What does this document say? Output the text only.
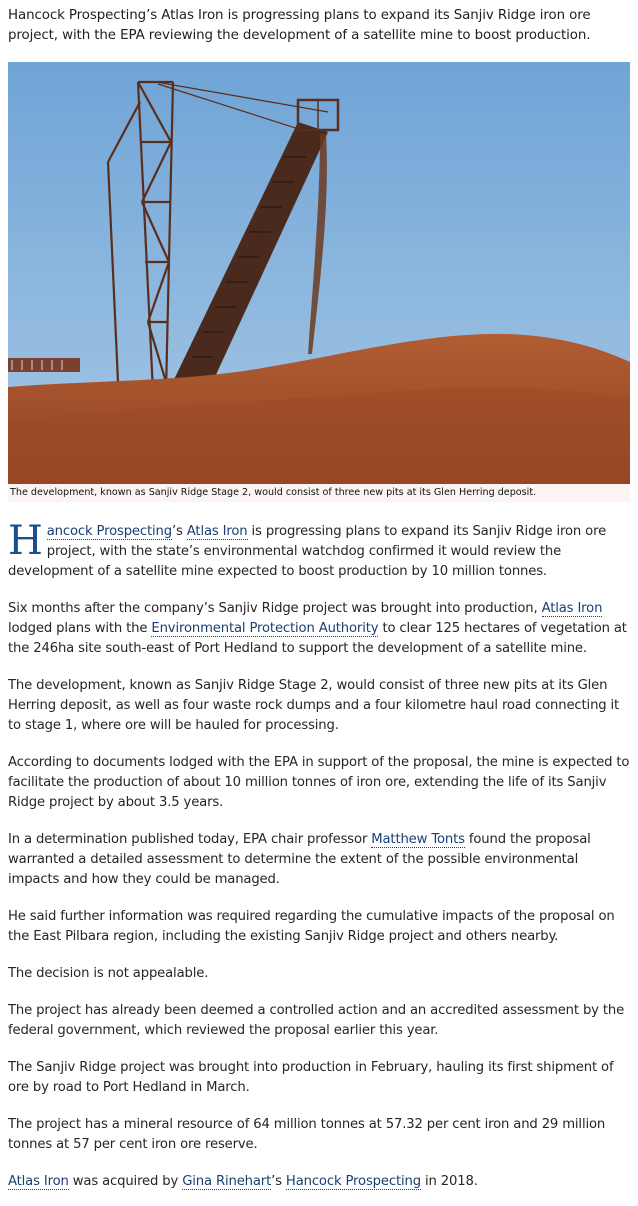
Hancock Prospecting’s Atlas Iron is progressing plans to expand its Sanjiv Ridge iron ore project, with the EPA reviewing the development of a satellite mine to boost production.

The development, known as Sanjiv Ridge Stage 2, would consist of three new pits at its Glen Herring deposit.

Hancock Prospecting’s Atlas Iron is progressing plans to expand its Sanjiv Ridge iron ore project, with the state’s environmental watchdog confirmed it would review the development of a satellite mine expected to boost production by 10 million tonnes.

Six months after the company’s Sanjiv Ridge project was brought into production, Atlas Iron lodged plans with the Environmental Protection Authority to clear 125 hectares of vegetation at the 246ha site south-east of Port Hedland to support the development of a satellite mine.

The development, known as Sanjiv Ridge Stage 2, would consist of three new pits at its Glen Herring deposit, as well as four waste rock dumps and a four kilometre haul road connecting it to stage 1, where ore will be hauled for processing.

According to documents lodged with the EPA in support of the proposal, the mine is expected to facilitate the production of about 10 million tonnes of iron ore, extending the life of its Sanjiv Ridge project by about 3.5 years.

In a determination published today, EPA chair professor Matthew Tonts found the proposal warranted a detailed assessment to determine the extent of the possible environmental impacts and how they could be managed.

He said further information was required regarding the cumulative impacts of the proposal on the East Pilbara region, including the existing Sanjiv Ridge project and others nearby.

The decision is not appealable.

The project has already been deemed a controlled action and an accredited assessment by the federal government, which reviewed the proposal earlier this year.

The Sanjiv Ridge project was brought into production in February, hauling its first shipment of ore by road to Port Hedland in March.

The project has a mineral resource of 64 million tonnes at 57.32 per cent iron and 29 million tonnes at 57 per cent iron ore reserve.

Atlas Iron was acquired by Gina Rinehart’s Hancock Prospecting in 2018.
